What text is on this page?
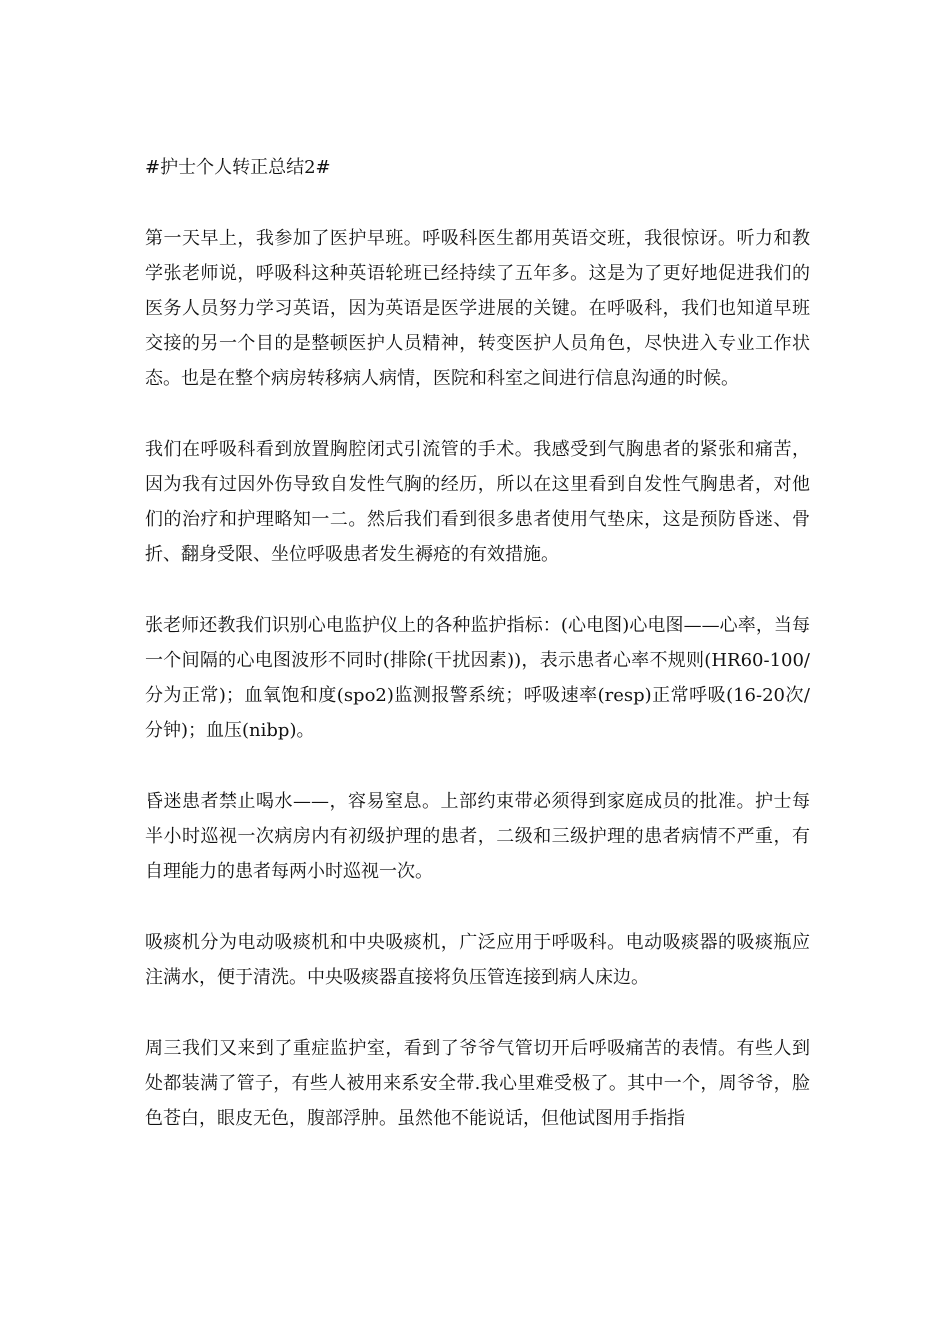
#护士个人转正总结2#

第一天早上，我参加了医护早班。呼吸科医生都用英语交班，我很惊讶。听力和教学张老师说，呼吸科这种英语轮班已经持续了五年多。这是为了更好地促进我们的医务人员努力学习英语，因为英语是医学进展的关键。在呼吸科，我们也知道早班交接的另一个目的是整顿医护人员精神，转变医护人员角色，尽快进入专业工作状态。也是在整个病房转移病人病情，医院和科室之间进行信息沟通的时候。

我们在呼吸科看到放置胸腔闭式引流管的手术。我感受到气胸患者的紧张和痛苦，因为我有过因外伤导致自发性气胸的经历，所以在这里看到自发性气胸患者，对他们的治疗和护理略知一二。然后我们看到很多患者使用气垫床，这是预防昏迷、骨折、翻身受限、坐位呼吸患者发生褥疮的有效措施。

张老师还教我们识别心电监护仪上的各种监护指标：(心电图)心电图——心率，当每一个间隔的心电图波形不同时(排除(干扰因素))，表示患者心率不规则(HR60-100/分为正常)；血氧饱和度(spo2)监测报警系统；呼吸速率(resp)正常呼吸(16-20次/分钟)；血压(nibp)。

昏迷患者禁止喝水——，容易窒息。上部约束带必须得到家庭成员的批准。护士每半小时巡视一次病房内有初级护理的患者，二级和三级护理的患者病情不严重，有自理能力的患者每两小时巡视一次。

吸痰机分为电动吸痰机和中央吸痰机，广泛应用于呼吸科。电动吸痰器的吸痰瓶应注满水，便于清洗。中央吸痰器直接将负压管连接到病人床边。

周三我们又来到了重症监护室，看到了爷爷气管切开后呼吸痛苦的表情。有些人到处都装满了管子，有些人被用来系安全带.我心里难受极了。其中一个，周爷爷，脸色苍白，眼皮无色，腹部浮肿。虽然他不能说话，但他试图用手指指
